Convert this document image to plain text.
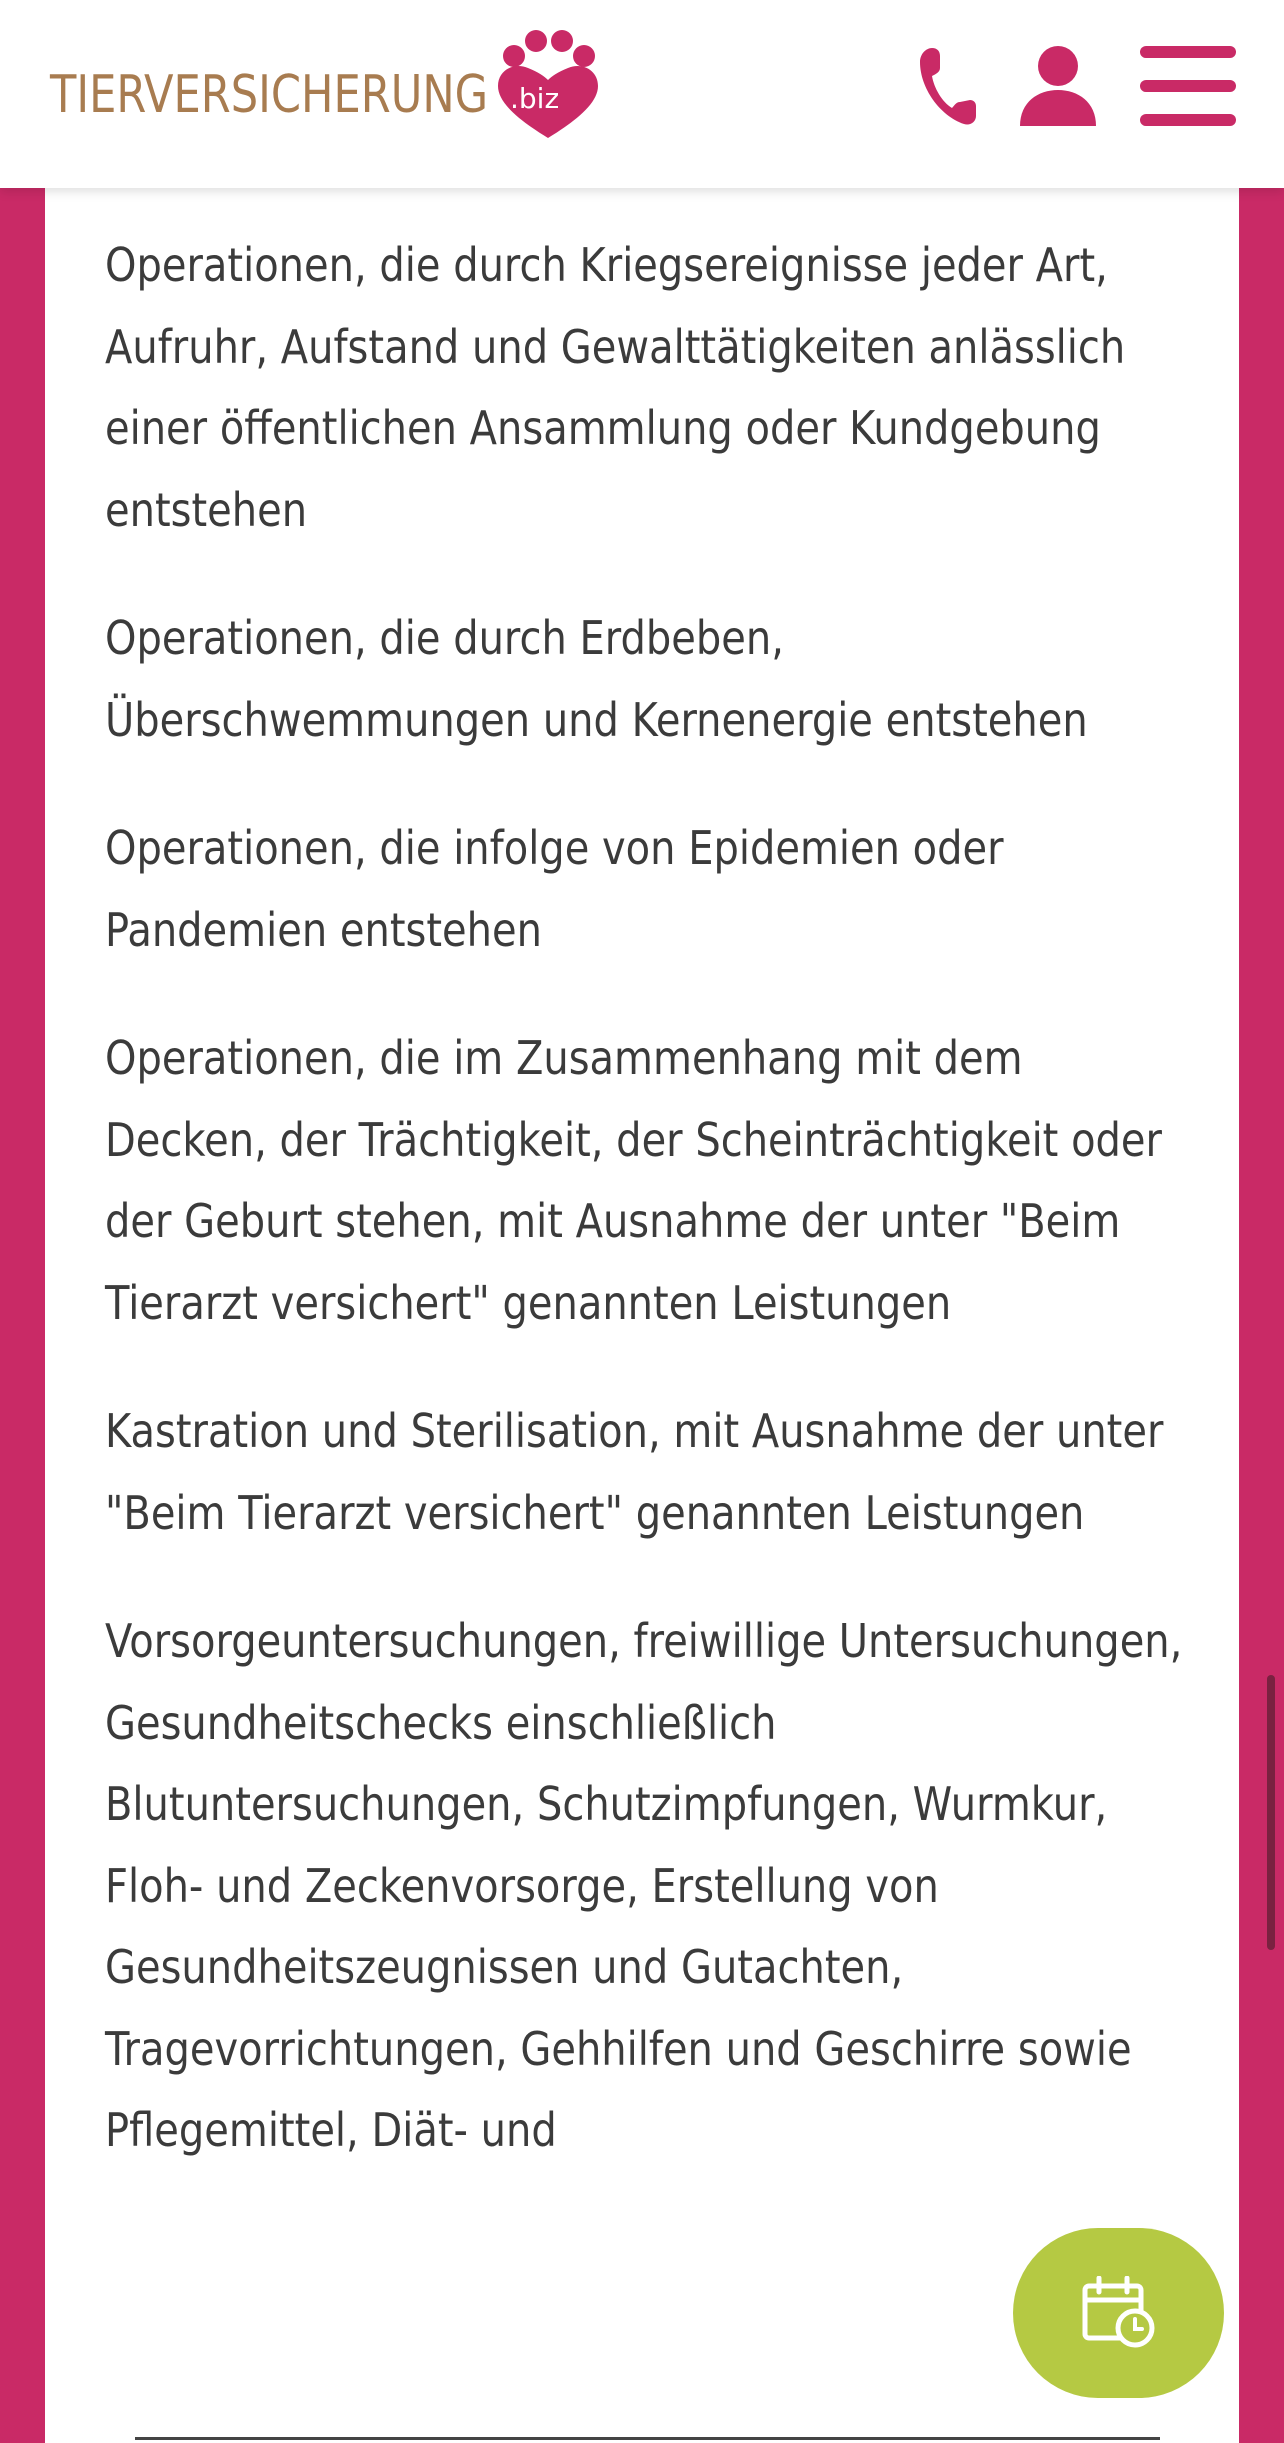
TIERVERSICHERUNG .biz

Operationen, die durch Kriegsereignisse jeder Art, Aufruhr, Aufstand und Gewalttätigkeiten anlässlich einer öffentlichen Ansammlung oder Kundgebung entstehen

Operationen, die durch Erdbeben, Überschwemmungen und Kernenergie entstehen

Operationen, die infolge von Epidemien oder Pandemien entstehen

Operationen, die im Zusammenhang mit dem Decken, der Trächtigkeit, der Scheinträchtigkeit oder der Geburt stehen, mit Ausnahme der unter "Beim Tierarzt versichert" genannten Leistungen

Kastration und Sterilisation, mit Ausnahme der unter "Beim Tierarzt versichert" genannten Leistungen

Vorsorgeuntersuchungen, freiwillige Untersuchungen, Gesundheitschecks einschließlich Blutuntersuchungen, Schutzimpfungen, Wurmkur, Floh- und Zeckenvorsorge, Erstellung von Gesundheitszeugnissen und Gutachten, Tragevorrichtungen, Gehhilfen und Geschirre sowie Pflegemittel, Diät- und
